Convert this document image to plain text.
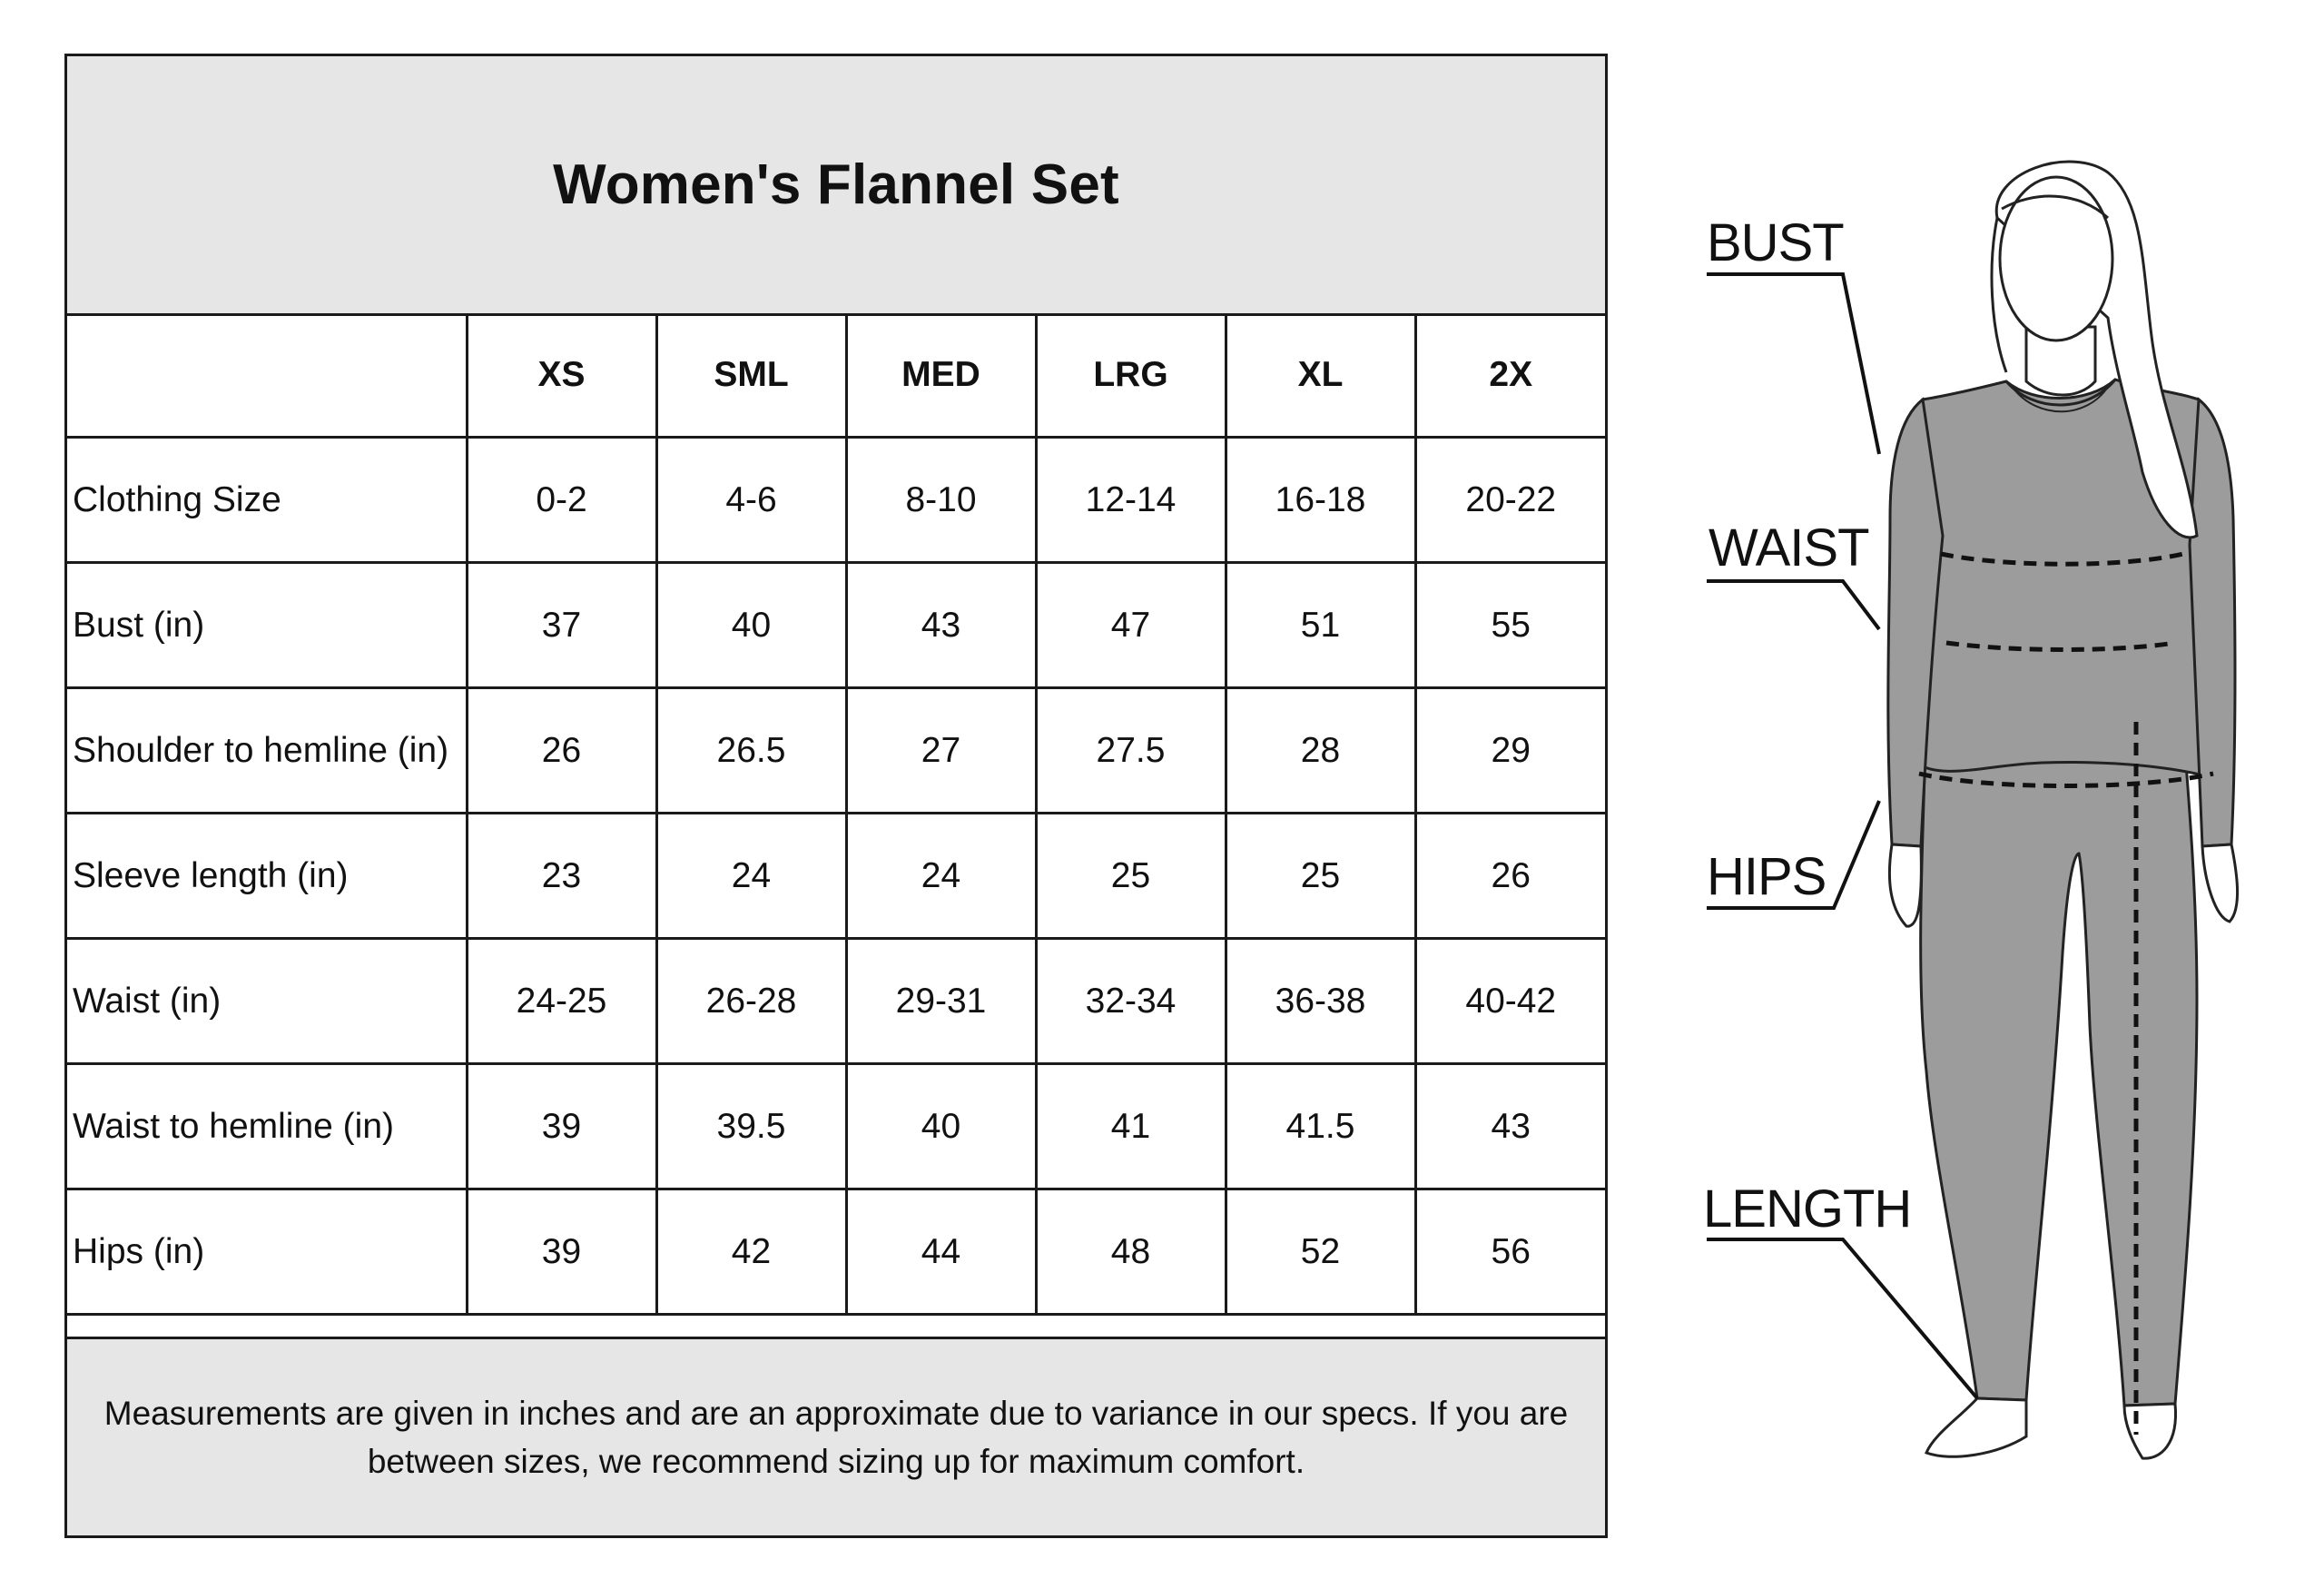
Women's Flannel Set
	XS	SML	MED	LRG	XL	2X
Clothing Size	0-2	4-6	8-10	12-14	16-18	20-22
Bust (in)	37	40	43	47	51	55
Shoulder to hemline (in)	26	26.5	27	27.5	28	29
Sleeve length (in)	23	24	24	25	25	26
Waist (in)	24-25	26-28	29-31	32-34	36-38	40-42
Waist to hemline (in)	39	39.5	40	41	41.5	43
Hips (in)	39	42	44	48	52	56
Measurements are given in inches and are an approximate due to variance in our specs. If you are between sizes, we recommend sizing up for maximum comfort.
BUST
WAIST
HIPS
LENGTH
